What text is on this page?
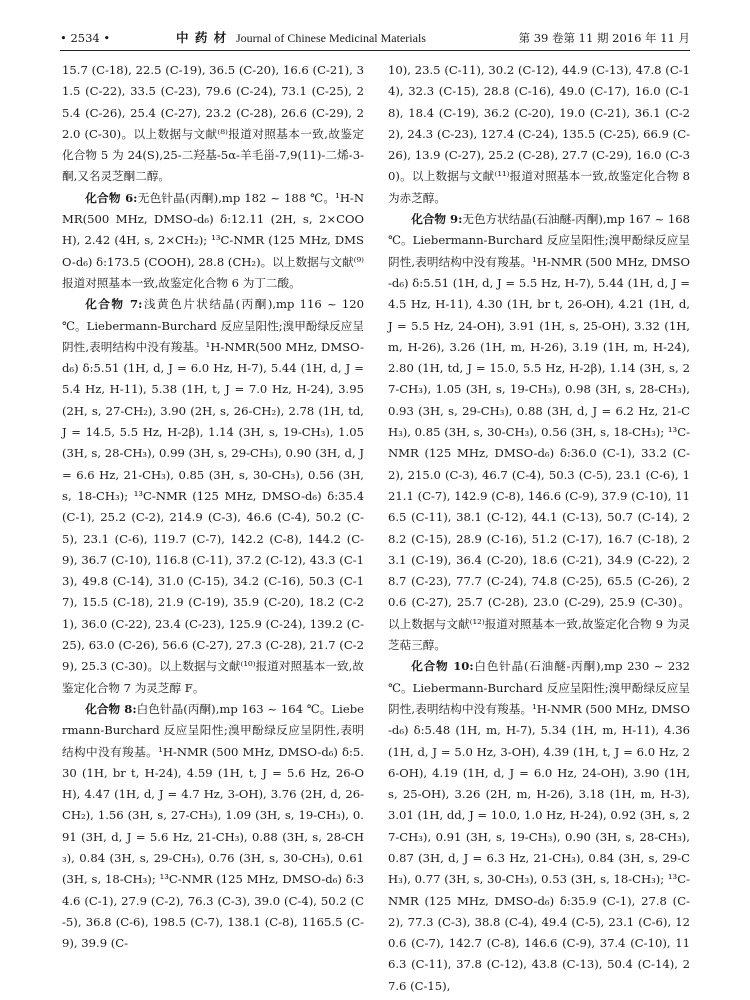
• 2534 •	中 药 材 Journal of Chinese Medicinal Materials	第 39 卷第 11 期 2016 年 11 月

15.7 (C-18), 22.5 (C-19), 36.5 (C-20), 16.6 (C-21), 31.5 (C-22), 33.5 (C-23), 79.6 (C-24), 73.1 (C-25), 25.4 (C-26), 25.4 (C-27), 23.2 (C-28), 26.6 (C-29), 22.0 (C-30)。以上数据与文献⁽⁸⁾报道对照基本一致,故鉴定化合物 5 为 24(S),25-二羟基-5α-羊毛甾-7,9(11)-二烯-3-酮,又名灵芝酮二醇。

化合物 6:无色针晶(丙酮),mp 182 ~ 188 ℃。¹H-NMR(500 MHz, DMSO-d₆) δ:12.11 (2H, s, 2×COOH), 2.42 (4H, s, 2×CH₂); ¹³C-NMR (125 MHz, DMSO-d₆) δ:173.5 (COOH), 28.8 (CH₂)。以上数据与文献⁽⁹⁾报道对照基本一致,故鉴定化合物 6 为丁二酸。

化合物 7:浅黄色片状结晶(丙酮),mp 116 ~ 120 ℃。Liebermann-Burchard 反应呈阳性;溴甲酚绿反应呈阴性,表明结构中没有羧基。¹H-NMR(500 MHz, DMSO-d₆) δ:5.51 (1H, d, J = 6.0 Hz, H-7), 5.44 (1H, d, J = 5.4 Hz, H-11), 5.38 (1H, t, J = 7.0 Hz, H-24), 3.95 (2H, s, 27-CH₂), 3.90 (2H, s, 26-CH₂), 2.78 (1H, td, J = 14.5, 5.5 Hz, H-2β), 1.14 (3H, s, 19-CH₃), 1.05 (3H, s, 28-CH₃), 0.99 (3H, s, 29-CH₃), 0.90 (3H, d, J = 6.6 Hz, 21-CH₃), 0.85 (3H, s, 30-CH₃), 0.56 (3H, s, 18-CH₃); ¹³C-NMR (125 MHz, DMSO-d₆) δ:35.4 (C-1), 25.2 (C-2), 214.9 (C-3), 46.6 (C-4), 50.2 (C-5), 23.1 (C-6), 119.7 (C-7), 142.2 (C-8), 144.2 (C-9), 36.7 (C-10), 116.8 (C-11), 37.2 (C-12), 43.3 (C-13), 49.8 (C-14), 31.0 (C-15), 34.2 (C-16), 50.3 (C-17), 15.5 (C-18), 21.9 (C-19), 35.9 (C-20), 18.2 (C-21), 36.0 (C-22), 23.4 (C-23), 125.9 (C-24), 139.2 (C-25), 63.0 (C-26), 56.6 (C-27), 27.3 (C-28), 21.7 (C-29), 25.3 (C-30)。以上数据与文献⁽¹⁰⁾报道对照基本一致,故鉴定化合物 7 为灵芝醇 F。

化合物 8:白色针晶(丙酮),mp 163 ~ 164 ℃。Liebermann-Burchard 反应呈阳性;溴甲酚绿反应呈阴性,表明结构中没有羧基。¹H-NMR (500 MHz, DMSO-d₆) δ:5.30 (1H, br t, H-24), 4.59 (1H, t, J = 5.6 Hz, 26-OH), 4.47 (1H, d, J = 4.7 Hz, 3-OH), 3.76 (2H, d, 26-CH₂), 1.56 (3H, s, 27-CH₃), 1.09 (3H, s, 19-CH₃), 0.91 (3H, d, J = 5.6 Hz, 21-CH₃), 0.88 (3H, s, 28-CH₃), 0.84 (3H, s, 29-CH₃), 0.76 (3H, s, 30-CH₃), 0.61 (3H, s, 18-CH₃); ¹³C-NMR (125 MHz, DMSO-d₆) δ:34.6 (C-1), 27.9 (C-2), 76.3 (C-3), 39.0 (C-4), 50.2 (C-5), 36.8 (C-6), 198.5 (C-7), 138.1 (C-8), 1165.5 (C-9), 39.9 (C-

10), 23.5 (C-11), 30.2 (C-12), 44.9 (C-13), 47.8 (C-14), 32.3 (C-15), 28.8 (C-16), 49.0 (C-17), 16.0 (C-18), 18.4 (C-19), 36.2 (C-20), 19.0 (C-21), 36.1 (C-22), 24.3 (C-23), 127.4 (C-24), 135.5 (C-25), 66.9 (C-26), 13.9 (C-27), 25.2 (C-28), 27.7 (C-29), 16.0 (C-30)。以上数据与文献⁽¹¹⁾报道对照基本一致,故鉴定化合物 8 为赤芝醇。

化合物 9:无色方状结晶(石油醚-丙酮),mp 167 ~ 168 ℃。Liebermann-Burchard 反应呈阳性;溴甲酚绿反应呈阴性,表明结构中没有羧基。¹H-NMR (500 MHz, DMSO-d₆) δ:5.51 (1H, d, J = 5.5 Hz, H-7), 5.44 (1H, d, J = 4.5 Hz, H-11), 4.30 (1H, br t, 26-OH), 4.21 (1H, d, J = 5.5 Hz, 24-OH), 3.91 (1H, s, 25-OH), 3.32 (1H, m, H-26), 3.26 (1H, m, H-26), 3.19 (1H, m, H-24), 2.80 (1H, td, J = 15.0, 5.5 Hz, H-2β), 1.14 (3H, s, 27-CH₃), 1.05 (3H, s, 19-CH₃), 0.98 (3H, s, 28-CH₃), 0.93 (3H, s, 29-CH₃), 0.88 (3H, d, J = 6.2 Hz, 21-CH₃), 0.85 (3H, s, 30-CH₃), 0.56 (3H, s, 18-CH₃); ¹³C-NMR (125 MHz, DMSO-d₆) δ:36.0 (C-1), 33.2 (C-2), 215.0 (C-3), 46.7 (C-4), 50.3 (C-5), 23.1 (C-6), 121.1 (C-7), 142.9 (C-8), 146.6 (C-9), 37.9 (C-10), 116.5 (C-11), 38.1 (C-12), 44.1 (C-13), 50.7 (C-14), 28.2 (C-15), 28.9 (C-16), 51.2 (C-17), 16.7 (C-18), 23.1 (C-19), 36.4 (C-20), 18.6 (C-21), 34.9 (C-22), 28.7 (C-23), 77.7 (C-24), 74.8 (C-25), 65.5 (C-26), 20.6 (C-27), 25.7 (C-28), 23.0 (C-29), 25.9 (C-30)。以上数据与文献⁽¹²⁾报道对照基本一致,故鉴定化合物 9 为灵芝萜三醇。

化合物 10:白色针晶(石油醚-丙酮),mp 230 ~ 232 ℃。Liebermann-Burchard 反应呈阳性;溴甲酚绿反应呈阴性,表明结构中没有羧基。¹H-NMR (500 MHz, DMSO-d₆) δ:5.48 (1H, m, H-7), 5.34 (1H, m, H-11), 4.36 (1H, d, J = 5.0 Hz, 3-OH), 4.39 (1H, t, J = 6.0 Hz, 26-OH), 4.19 (1H, d, J = 6.0 Hz, 24-OH), 3.90 (1H, s, 25-OH), 3.26 (2H, m, H-26), 3.18 (1H, m, H-3), 3.01 (1H, dd, J = 10.0, 1.0 Hz, H-24), 0.92 (3H, s, 27-CH₃), 0.91 (3H, s, 19-CH₃), 0.90 (3H, s, 28-CH₃), 0.87 (3H, d, J = 6.3 Hz, 21-CH₃), 0.84 (3H, s, 29-CH₃), 0.77 (3H, s, 30-CH₃), 0.53 (3H, s, 18-CH₃); ¹³C-NMR (125 MHz, DMSO-d₆) δ:35.9 (C-1), 27.8 (C-2), 77.3 (C-3), 38.8 (C-4), 49.4 (C-5), 23.1 (C-6), 120.6 (C-7), 142.7 (C-8), 146.6 (C-9), 37.4 (C-10), 116.3 (C-11), 37.8 (C-12), 43.8 (C-13), 50.4 (C-14), 27.6 (C-15),
